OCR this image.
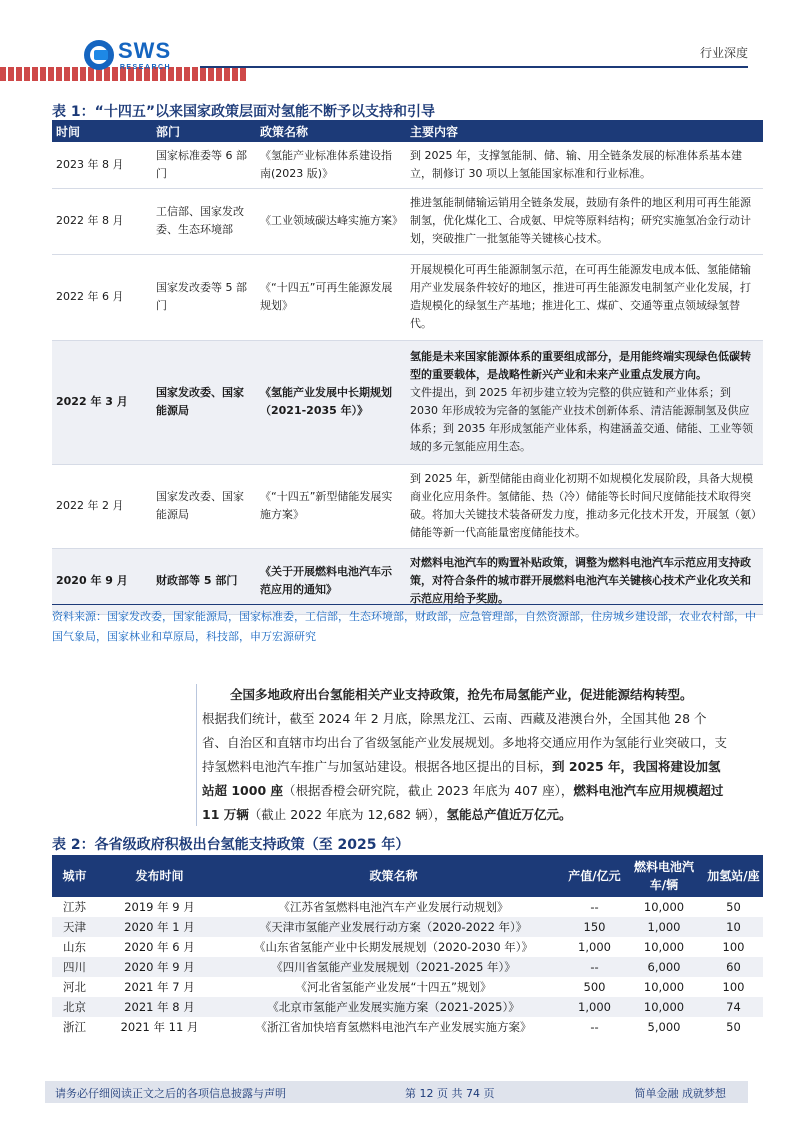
SWS
RESEARCH
行业深度
表 1：“十四五”以来国家政策层面对氢能不断予以支持和引导
时间	部门	政策名称	主要内容
2023 年 8 月	国家标准委等 6 部门	《氢能产业标准体系建设指南(2023 版)》	到 2025 年，支撑氢能制、储、输、用全链条发展的标准体系基本建立，制修订 30 项以上氢能国家标准和行业标准。
2022 年 8 月	工信部、国家发改委、生态环境部	《工业领域碳达峰实施方案》	推进氢能制储输运销用全链条发展，鼓励有条件的地区利用可再生能源制氢，优化煤化工、合成氨、甲烷等原料结构；研究实施氢冶金行动计划，突破推广一批氢能等关键核心技术。
2022 年 6 月	国家发改委等 5 部门	《“十四五”可再生能源发展规划》	开展规模化可再生能源制氢示范，在可再生能源发电成本低、氢能储输用产业发展条件较好的地区，推进可再生能源发电制氢产业化发展，打造规模化的绿氢生产基地；推进化工、煤矿、交通等重点领域绿氢替代。
2022 年 3 月	国家发改委、国家能源局	《氢能产业发展中长期规划（2021-2035 年）》	氢能是未来国家能源体系的重要组成部分，是用能终端实现绿色低碳转型的重要载体，是战略性新兴产业和未来产业重点发展方向。
文件提出，到 2025 年初步建立较为完整的供应链和产业体系；到 2030 年形成较为完备的氢能产业技术创新体系、清洁能源制氢及供应体系；到 2035 年形成氢能产业体系，构建涵盖交通、储能、工业等领域的多元氢能应用生态。

2022 年 2 月	国家发改委、国家能源局	《“十四五”新型储能发展实施方案》	到 2025 年，新型储能由商业化初期不如规模化发展阶段，具备大规模商业化应用条件。氢储能、热（冷）储能等长时间尺度储能技术取得突破。将加大关键技术装备研发力度，推动多元化技术开发，开展氢（氨）储能等新一代高能量密度储能技术。
2020 年 9 月	财政部等 5 部门	《关于开展燃料电池汽车示范应用的通知》	对燃料电池汽车的购置补贴政策，调整为燃料电池汽车示范应用支持政策，对符合条件的城市群开展燃料电池汽车关键核心技术产业化攻关和示范应用给予奖励。
资料来源：国家发改委，国家能源局，国家标准委，工信部，生态环境部，财政部，应急管理部，自然资源部，住房城乡建设部，农业农村部，中国气象局，国家林业和草原局，科技部，申万宏源研究
全国多地政府出台氢能相关产业支持政策，抢先布局氢能产业，促进能源结构转型。
根据我们统计，截至 2024 年 2 月底，除黑龙江、云南、西藏及港澳台外，全国其他 28 个省、自治区和直辖市均出台了省级氢能产业发展规划。多地将交通应用作为氢能行业突破口，支持氢燃料电池汽车推广与加氢站建设。根据各地区提出的目标，到 2025 年，我国将建设加氢站超 1000 座（根据香橙会研究院，截止 2023 年底为 407 座），燃料电池汽车应用规模超过 11 万辆（截止 2022 年底为 12,682 辆），氢能总产值近万亿元。
表 2：各省级政府积极出台氢能支持政策（至 2025 年）
城市	发布时间	政策名称	产值/亿元	燃料电池汽车/辆	加氢站/座
江苏	2019 年 9 月	《江苏省氢燃料电池汽车产业发展行动规划》	--	10,000	50
天津	2020 年 1 月	《天津市氢能产业发展行动方案（2020-2022 年）》	150	1,000	10
山东	2020 年 6 月	《山东省氢能产业中长期发展规划（2020-2030 年）》	1,000	10,000	100
四川	2020 年 9 月	《四川省氢能产业发展规划（2021-2025 年）》	--	6,000	60
河北	2021 年 7 月	《河北省氢能产业发展“十四五”规划》	500	10,000	100
北京	2021 年 8 月	《北京市氢能产业发展实施方案（2021-2025）》	1,000	10,000	74
浙江	2021 年 11 月	《浙江省加快培育氢燃料电池汽车产业发展实施方案》	--	5,000	50
请务必仔细阅读正文之后的各项信息披露与声明	第 12 页 共 74 页	简单金融 成就梦想
